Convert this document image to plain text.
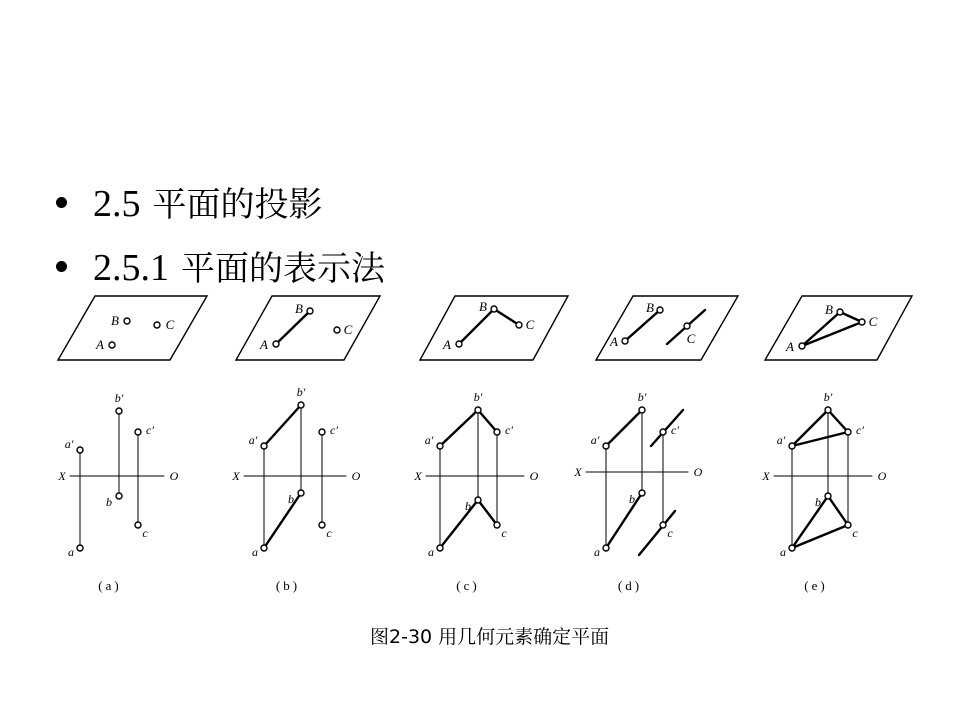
2.5 平面的投影
2.5.1 平面的表示法
X	O
B	C
A
a′
b′
c′
a
b
c
(a)
X	O
B
C
A
a′
b′
c′
a
b
c
(b)
X	O
B
C
A
a′
b′
c′
a
b
c
(c)
X	O
B
A	C
a′
b′
c′
a
b
c
(d)
X	O
B
C
A
a′
b′
c′
a
b
c
(e)
图2-30 用几何元素确定平面
